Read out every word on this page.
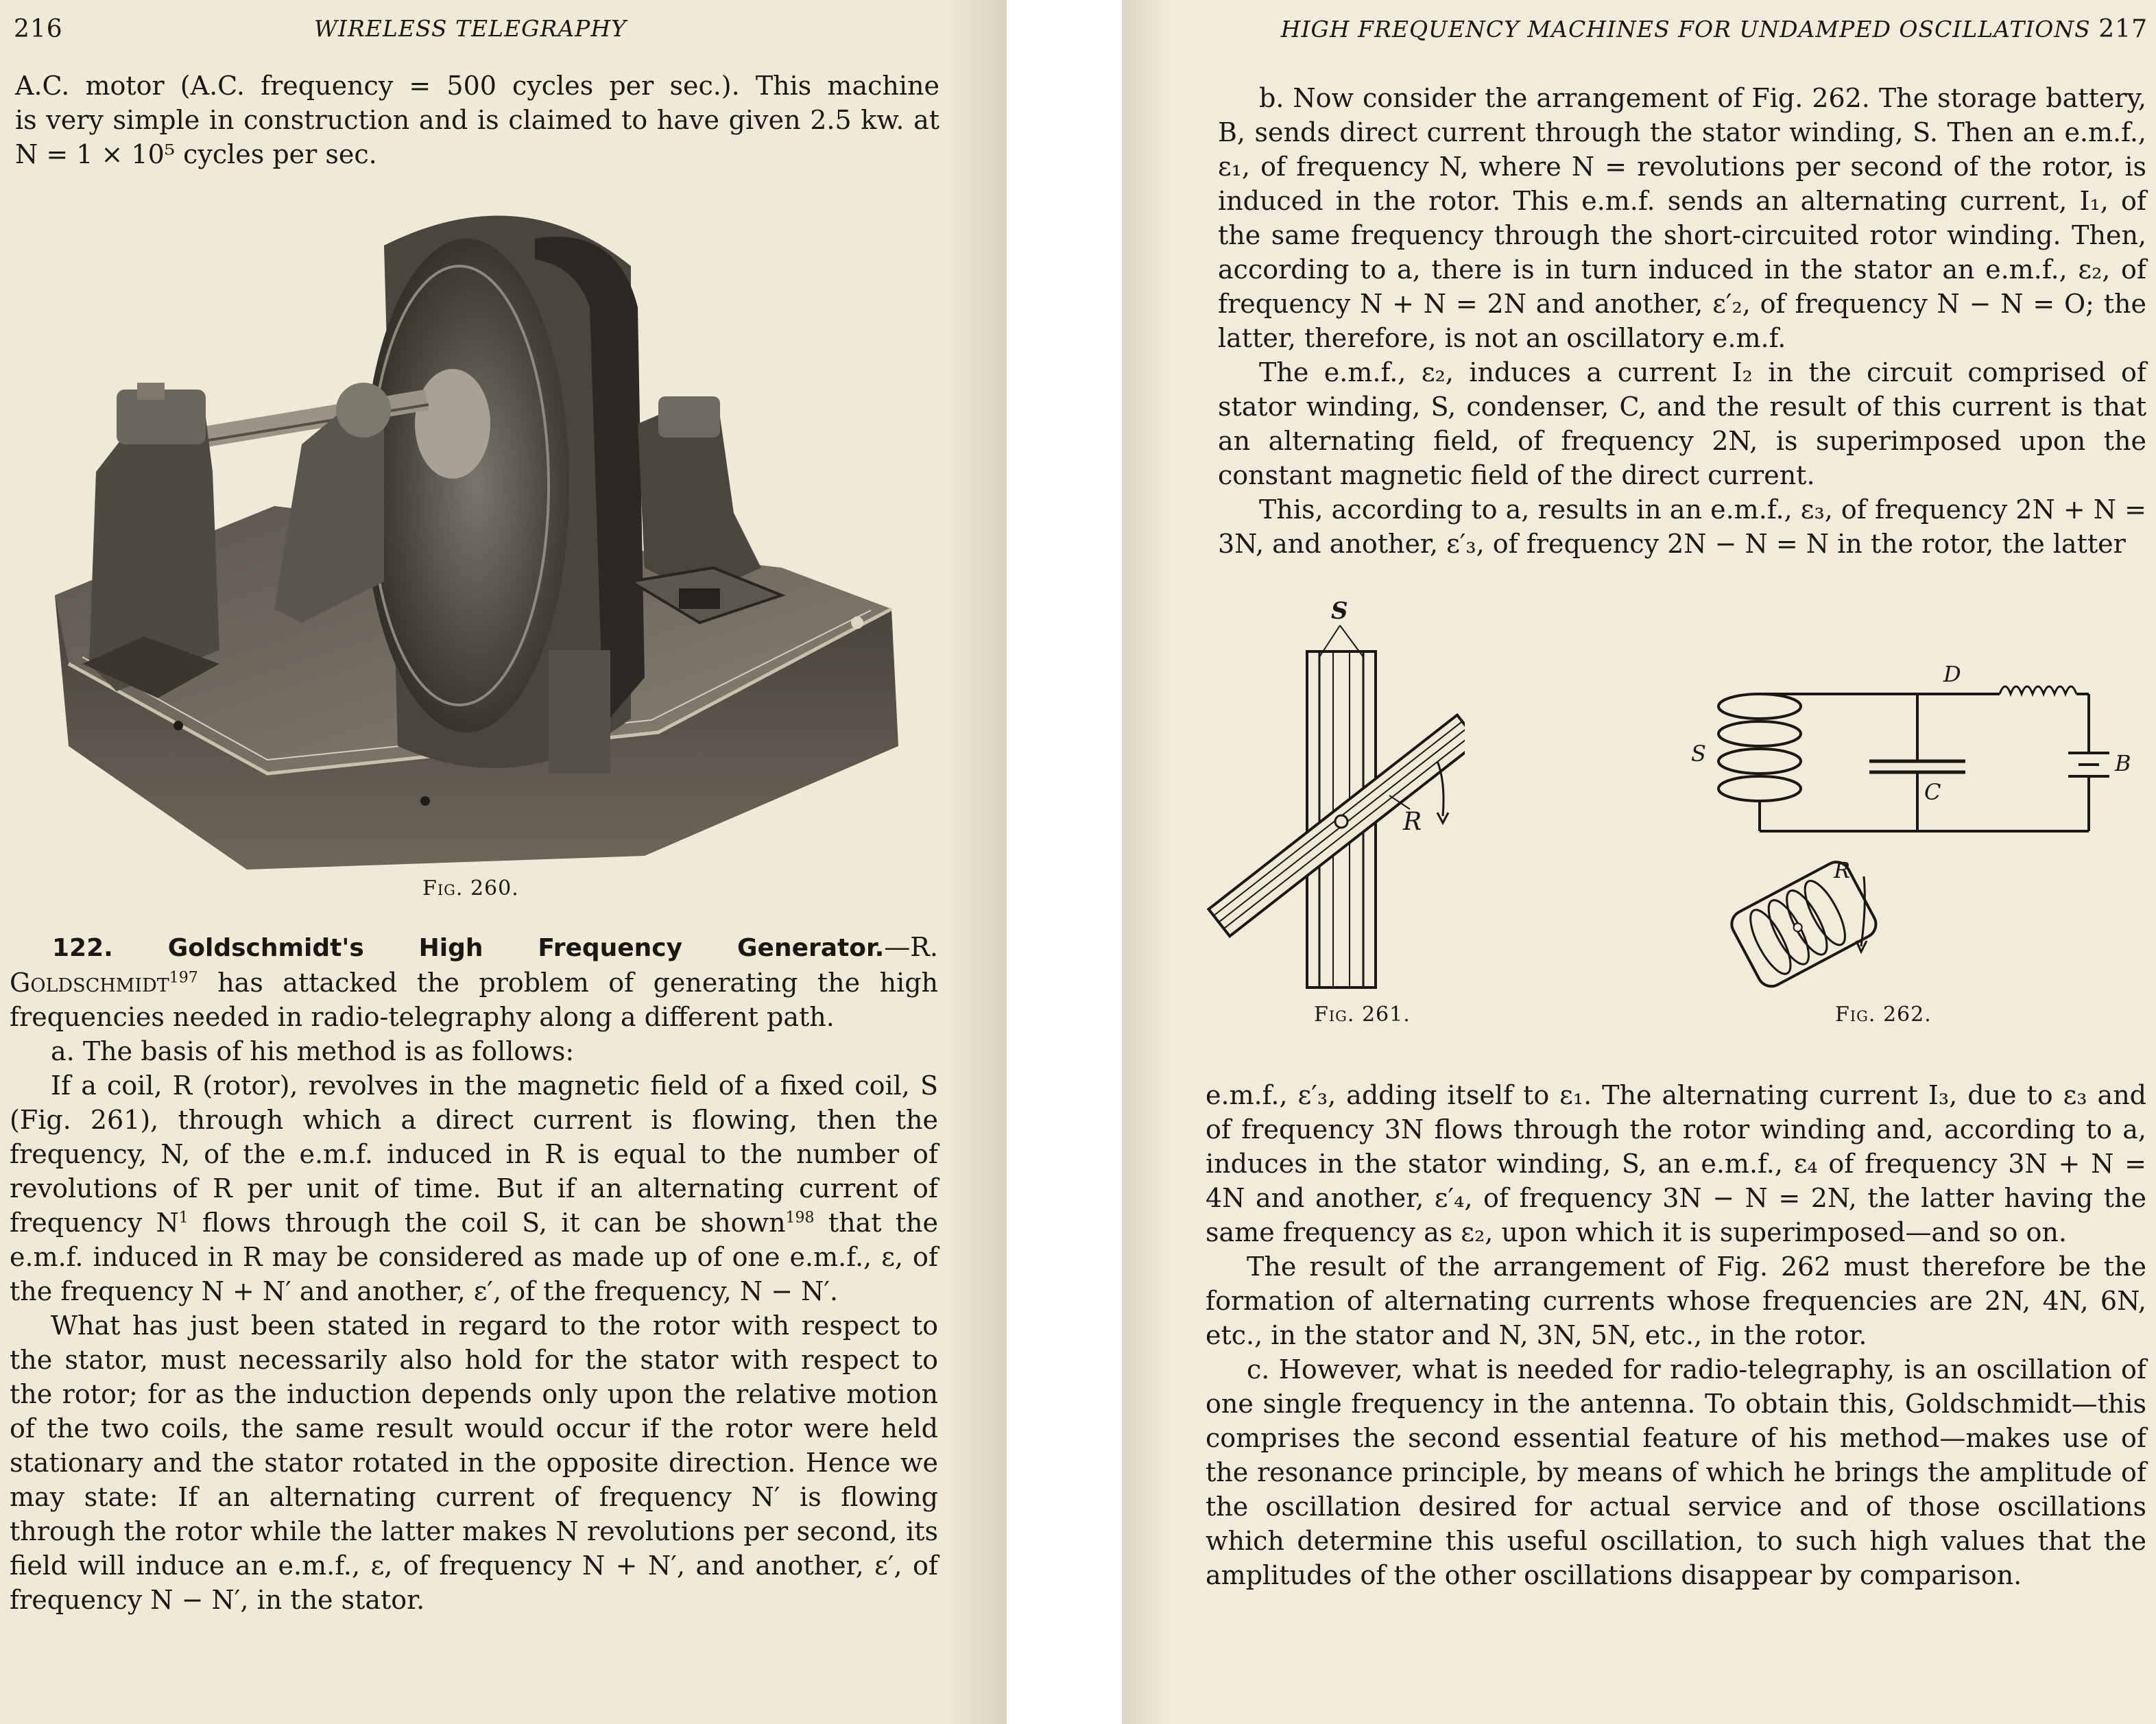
216	WIRELESS TELEGRAPHY

A.C. motor (A.C. frequency = 500 cycles per sec.). This machine

is very simple in construction and is claimed to have given 2.5 kw. at

N = 1 × 10⁵ cycles per sec.

Fig. 260.

122. Goldschmidt's High Frequency Generator.—R. Goldschmidt$^{197}$ has attacked the problem of generating the high frequencies needed in radio-telegraphy along a different path.

a. The basis of his method is as follows:

If a coil, R (rotor), revolves in the magnetic field of a fixed coil, S (Fig. 261), through which a direct current is flowing, then the frequency, N, of the e.m.f. induced in R is equal to the number of revolutions of R per unit of time. But if an alternating current of frequency $N^1$ flows through the coil S, it can be shown$^{198}$ that the e.m.f. induced in R may be considered as made up of one e.m.f., ε, of the frequency N + N′ and another, ε′, of the frequency, N − N′.

What has just been stated in regard to the rotor with respect to the stator, must necessarily also hold for the stator with respect to the rotor; for as the induction depends only upon the relative motion of the two coils, the same result would occur if the rotor were held stationary and the stator rotated in the opposite direction. Hence we may state: If an alternating current of frequency N′ is flowing through the rotor while the latter makes N revolutions per second, its field will induce an e.m.f., ε, of frequency N + N′, and another, ε′, of frequency N − N′, in the stator.

HIGH FREQUENCY MACHINES FOR UNDAMPED OSCILLATIONS 217

b. Now consider the arrangement of Fig. 262. The storage battery, B, sends direct current through the stator winding, S. Then an e.m.f., ε₁, of frequency N, where N = revolutions per second of the rotor, is induced in the rotor. This e.m.f. sends an alternating current, I₁, of the same frequency through the short-circuited rotor winding. Then, according to a, there is in turn induced in the stator an e.m.f., ε₂, of frequency N + N = 2N and another, ε′₂, of frequency N − N = O; the latter, therefore, is not an oscillatory e.m.f.

The e.m.f., ε₂, induces a current I₂ in the circuit comprised of stator winding, S, condenser, C, and the result of this current is that an alternating field, of frequency 2N, is superimposed upon the constant magnetic field of the direct current.

This, according to a, results in an e.m.f., ε₃, of frequency 2N + N = 3N, and another, ε′₃, of frequency 2N − N = N in the rotor, the latter

S
R
Fig. 261.
D
S
C
B
R
Fig. 262.

e.m.f., ε′₃, adding itself to ε₁. The alternating current I₃, due to ε₃ and of frequency 3N flows through the rotor winding and, according to a, induces in the stator winding, S, an e.m.f., ε₄ of frequency 3N + N = 4N and another, ε′₄, of frequency 3N − N = 2N, the latter having the same frequency as ε₂, upon which it is superimposed—and so on.

The result of the arrangement of Fig. 262 must therefore be the formation of alternating currents whose frequencies are 2N, 4N, 6N, etc., in the stator and N, 3N, 5N, etc., in the rotor.

c. However, what is needed for radio-telegraphy, is an oscillation of one single frequency in the antenna. To obtain this, Goldschmidt—this comprises the second essential feature of his method—makes use of the resonance principle, by means of which he brings the amplitude of the oscillation desired for actual service and of those oscillations which determine this useful oscillation, to such high values that the amplitudes of the other oscillations disappear by comparison.
